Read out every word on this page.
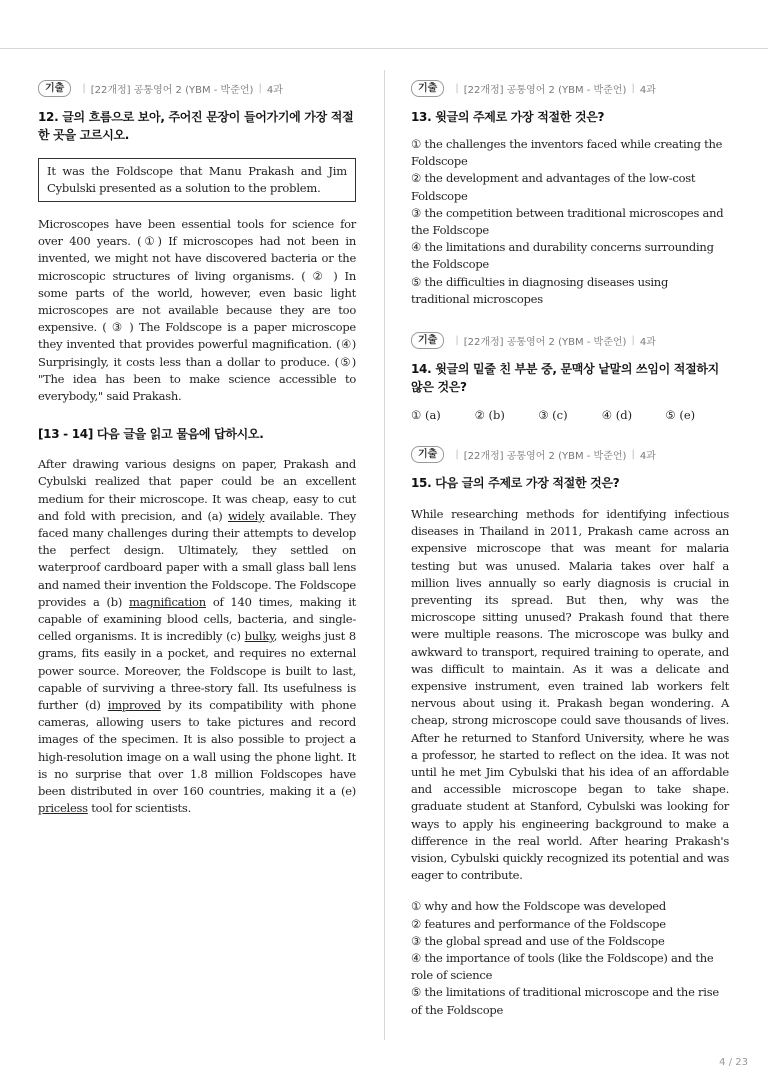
기출	| [22개정] 공통영어 2 (YBM - 박준언) | 4과
12. 글의 흐름으로 보아, 주어진 문장이 들어가기에 가장 적절한 곳을 고르시오.
It was the Foldscope that Manu Prakash and Jim Cybulski presented as a solution to the problem.

Microscopes have been essential tools for science for over 400 years. (①) If microscopes had not been in invented, we might not have discovered bacteria or the microscopic structures of living organisms. ( ② ) In some parts of the world, however, even basic light microscopes are not available because they are too expensive. ( ③ ) The Foldscope is a paper microscope they invented that provides powerful magnification. (④) Surprisingly, it costs less than a dollar to produce. (⑤) "The idea has been to make science accessible to everybody," said Prakash.

[13 - 14] 다음 글을 읽고 물음에 답하시오.

After drawing various designs on paper, Prakash and Cybulski realized that paper could be an excellent medium for their microscope. It was cheap, easy to cut and fold with precision, and (a) widely available. They faced many challenges during their attempts to develop the perfect design. Ultimately, they settled on waterproof cardboard paper with a small glass ball lens and named their invention the Foldscope. The Foldscope provides a (b) magnification of 140 times, making it capable of examining blood cells, bacteria, and single-celled organisms. It is incredibly (c) bulky, weighs just 8 grams, fits easily in a pocket, and requires no external power source. Moreover, the Foldscope is built to last, capable of surviving a three-story fall. Its usefulness is further (d) improved by its compatibility with phone cameras, allowing users to take pictures and record images of the specimen. It is also possible to project a high-resolution image on a wall using the phone light. It is no surprise that over 1.8 million Foldscopes have been distributed in over 160 countries, making it a (e) priceless tool for scientists.

기출	| [22개정] 공통영어 2 (YBM - 박준언) | 4과
13. 윗글의 주제로 가장 적절한 것은?
① the challenges the inventors faced while creating the Foldscope
② the development and advantages of the low-cost Foldscope
③ the competition between traditional microscopes and the Foldscope
④ the limitations and durability concerns surrounding the Foldscope
⑤ the difficulties in diagnosing diseases using traditional microscopes
기출	| [22개정] 공통영어 2 (YBM - 박준언) | 4과
14. 윗글의 밑줄 친 부분 중, 문맥상 낱말의 쓰임이 적절하지 않은 것은?
① (a)	② (b)	③ (c)	④ (d)	⑤ (e)
기출	| [22개정] 공통영어 2 (YBM - 박준언) | 4과
15. 다음 글의 주제로 가장 적절한 것은?

While researching methods for identifying infectious diseases in Thailand in 2011, Prakash came across an expensive microscope that was meant for malaria testing but was unused. Malaria takes over half a million lives annually so early diagnosis is crucial in preventing its spread. But then, why was the microscope sitting unused? Prakash found that there were multiple reasons. The microscope was bulky and awkward to transport, required training to operate, and was difficult to maintain. As it was a delicate and expensive instrument, even trained lab workers felt nervous about using it. Prakash began wondering. A cheap, strong microscope could save thousands of lives. After he returned to Stanford University, where he was a professor, he started to reflect on the idea. It was not until he met Jim Cybulski that his idea of an affordable and accessible microscope began to take shape. graduate student at Stanford, Cybulski was looking for ways to apply his engineering background to make a difference in the real world. After hearing Prakash's vision, Cybulski quickly recognized its potential and was eager to contribute.

① why and how the Foldscope was developed
② features and performance of the Foldscope
③ the global spread and use of the Foldscope
④ the importance of tools (like the Foldscope) and the role of science
⑤ the limitations of traditional microscope and the rise of the Foldscope
4 / 23
